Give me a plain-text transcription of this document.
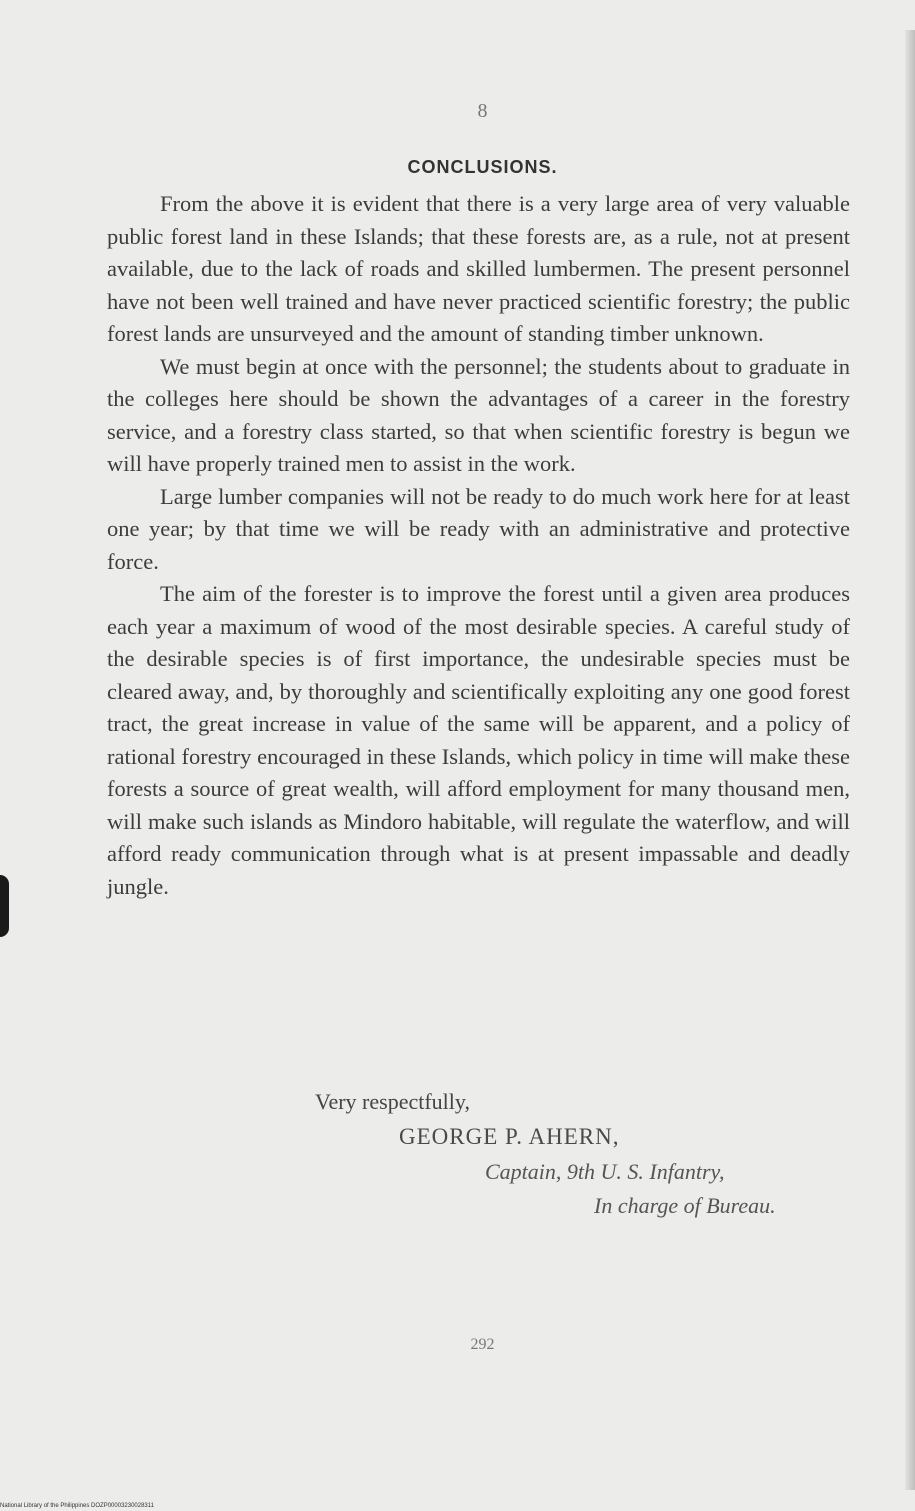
8
CONCLUSIONS.

From the above it is evident that there is a very large area of very valuable public forest land in these Islands; that these forests are, as a rule, not at present available, due to the lack of roads and skilled lumbermen. The present personnel have not been well trained and have never practiced scientific forestry; the public forest lands are unsurveyed and the amount of standing timber unknown.

We must begin at once with the personnel; the students about to graduate in the colleges here should be shown the advantages of a career in the forestry service, and a forestry class started, so that when scientific forestry is begun we will have properly trained men to assist in the work.

Large lumber companies will not be ready to do much work here for at least one year; by that time we will be ready with an administrative and protective force.

The aim of the forester is to improve the forest until a given area produces each year a maximum of wood of the most desirable species. A careful study of the desirable species is of first importance, the undesirable species must be cleared away, and, by thoroughly and scientifically exploiting any one good forest tract, the great increase in value of the same will be apparent, and a policy of rational forestry encouraged in these Islands, which policy in time will make these forests a source of great wealth, will afford employment for many thousand men, will make such islands as Mindoro habitable, will regulate the waterflow, and will afford ready communication through what is at present impassable and deadly jungle.

Very respectfully,
GEORGE P. AHERN,
Captain, 9th U. S. Infantry,
In charge of Bureau.
292
National Library of the Philippines DOZP00003230028311
